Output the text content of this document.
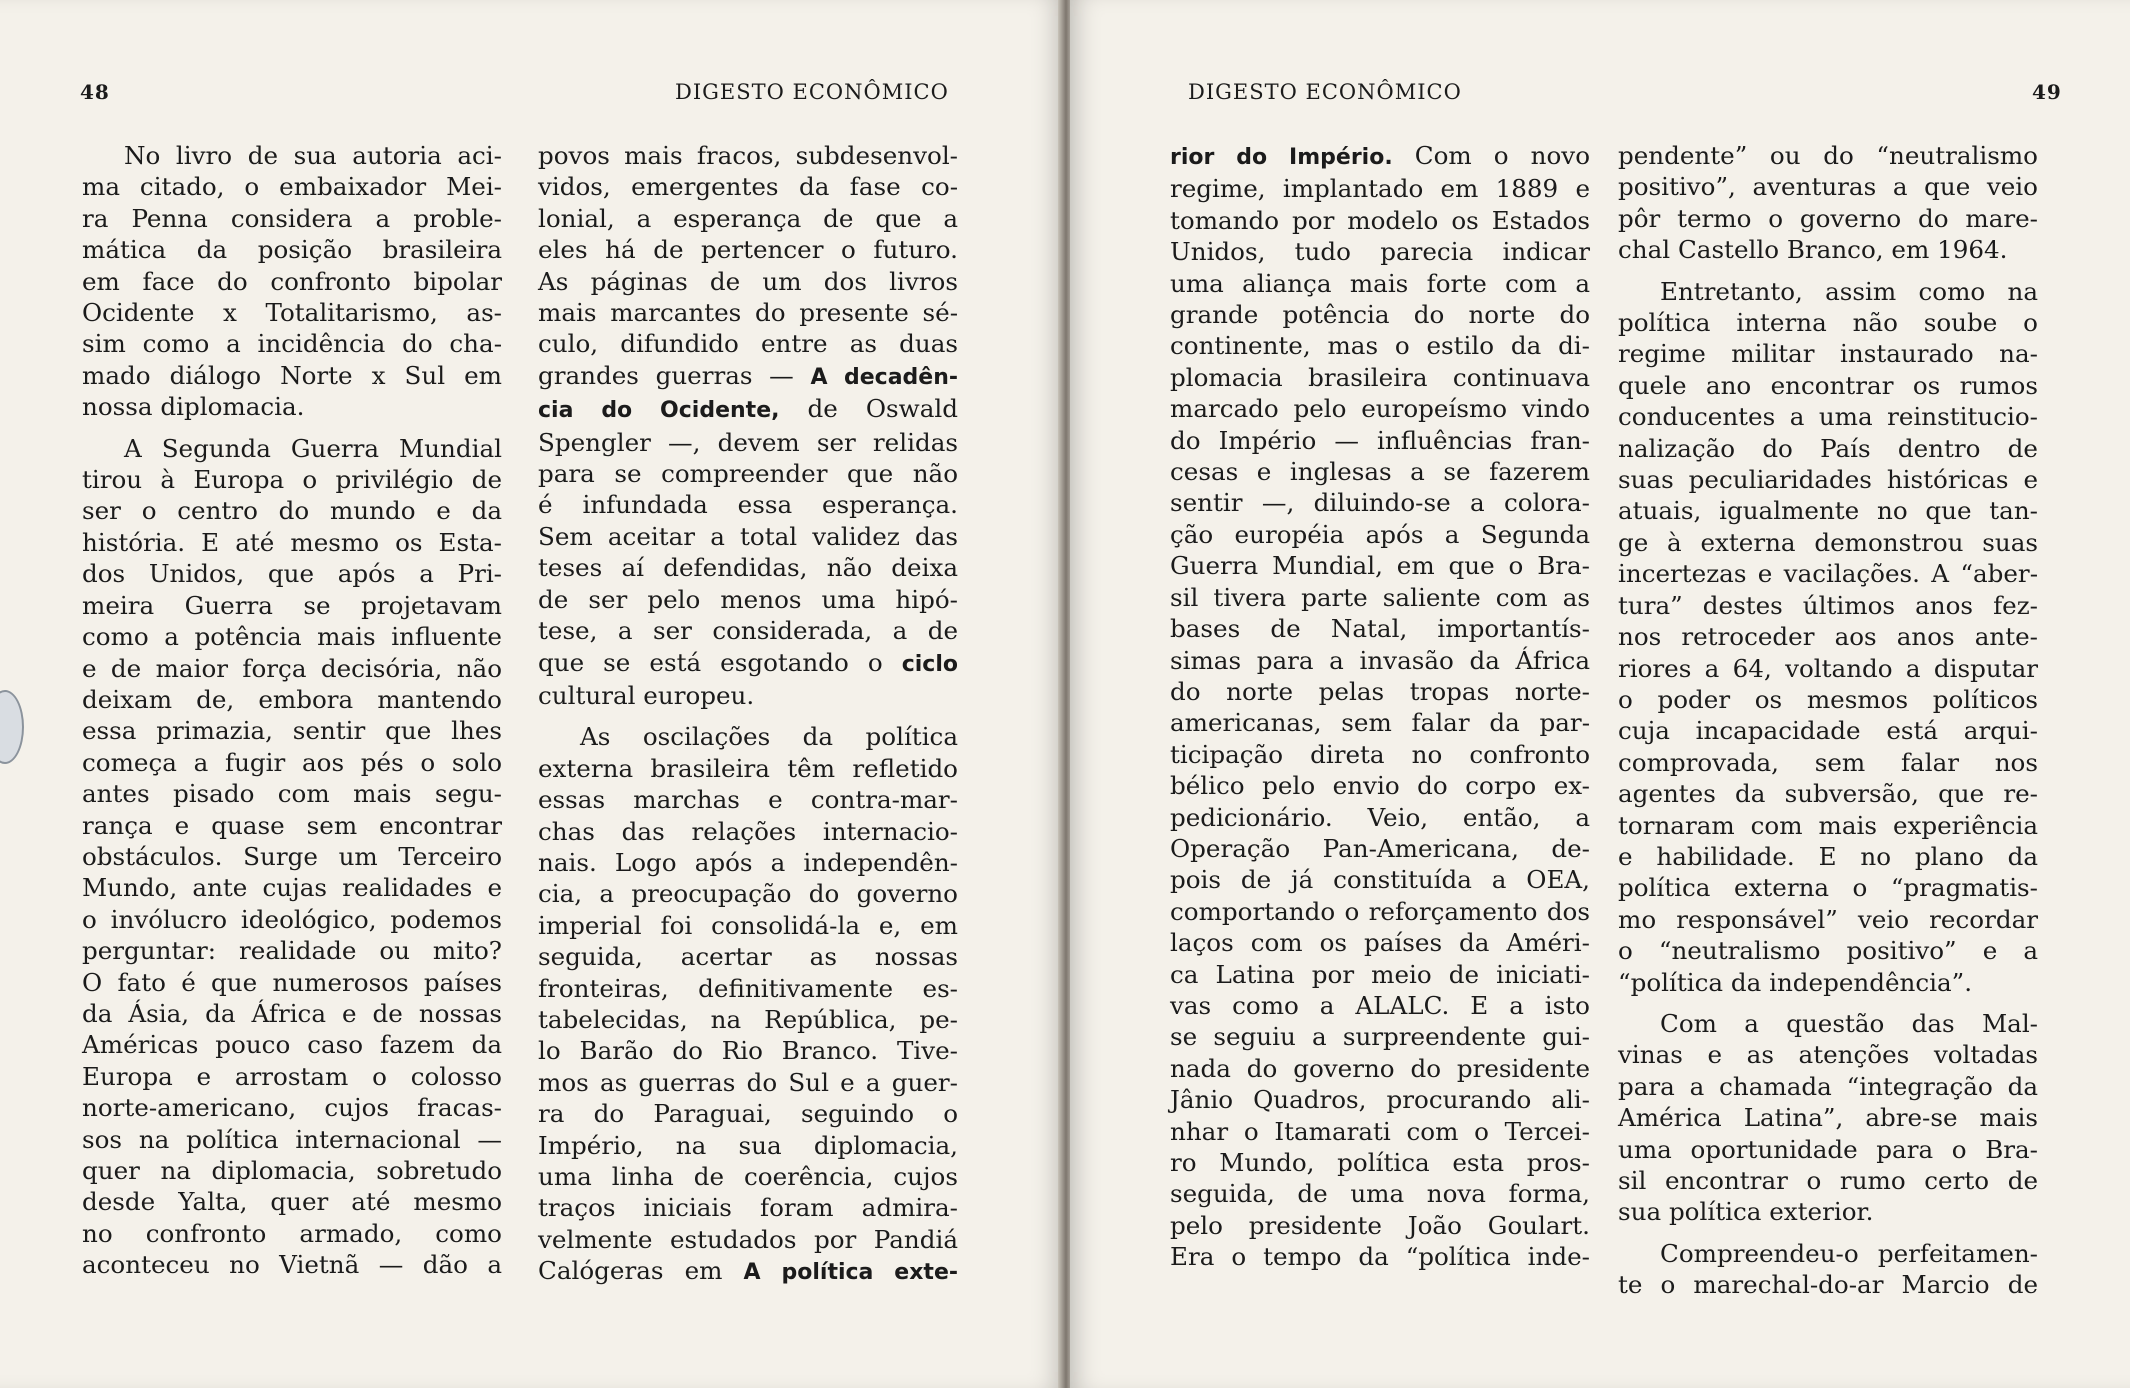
48	DIGESTO ECONÔMICO
No livro de sua autoria aci-
ma citado, o embaixador Mei-
ra Penna considera a proble-
mática da posição brasileira
em face do confronto bipolar
Ocidente x Totalitarismo, as-
sim como a incidência do cha-
mado diálogo Norte x Sul em
nossa diplomacia.
A Segunda Guerra Mundial
tirou à Europa o privilégio de
ser o centro do mundo e da
história. E até mesmo os Esta-
dos Unidos, que após a Pri-
meira Guerra se projetavam
como a potência mais influente
e de maior força decisória, não
deixam de, embora mantendo
essa primazia, sentir que lhes
começa a fugir aos pés o solo
antes pisado com mais segu-
rança e quase sem encontrar
obstáculos. Surge um Terceiro
Mundo, ante cujas realidades e
o invólucro ideológico, podemos
perguntar: realidade ou mito?
O fato é que numerosos países
da Ásia, da África e de nossas
Américas pouco caso fazem da
Europa e arrostam o colosso
norte-americano, cujos fracas-
sos na política internacional —
quer na diplomacia, sobretudo
desde Yalta, quer até mesmo
no confronto armado, como
aconteceu no Vietnã — dão a
povos mais fracos, subdesenvol-
vidos, emergentes da fase co-
lonial, a esperança de que a
eles há de pertencer o futuro.
As páginas de um dos livros
mais marcantes do presente sé-
culo, difundido entre as duas
grandes guerras — A decadên-
cia do Ocidente, de Oswald
Spengler —, devem ser relidas
para se compreender que não
é infundada essa esperança.
Sem aceitar a total validez das
teses aí defendidas, não deixa
de ser pelo menos uma hipó-
tese, a ser considerada, a de
que se está esgotando o ciclo
cultural europeu.
As oscilações da política
externa brasileira têm refletido
essas marchas e contra-mar-
chas das relações internacio-
nais. Logo após a independên-
cia, a preocupação do governo
imperial foi consolidá-la e, em
seguida, acertar as nossas
fronteiras, definitivamente es-
tabelecidas, na República, pe-
lo Barão do Rio Branco. Tive-
mos as guerras do Sul e a guer-
ra do Paraguai, seguindo o
Império, na sua diplomacia,
uma linha de coerência, cujos
traços iniciais foram admira-
velmente estudados por Pandiá
Calógeras em A política exte-
DIGESTO ECONÔMICO	49
rior do Império. Com o novo
regime, implantado em 1889 e
tomando por modelo os Estados
Unidos, tudo parecia indicar
uma aliança mais forte com a
grande potência do norte do
continente, mas o estilo da di-
plomacia brasileira continuava
marcado pelo europeísmo vindo
do Império — influências fran-
cesas e inglesas a se fazerem
sentir —, diluindo-se a colora-
ção européia após a Segunda
Guerra Mundial, em que o Bra-
sil tivera parte saliente com as
bases de Natal, importantís-
simas para a invasão da África
do norte pelas tropas norte-
americanas, sem falar da par-
ticipação direta no confronto
bélico pelo envio do corpo ex-
pedicionário. Veio, então, a
Operação Pan-Americana, de-
pois de já constituída a OEA,
comportando o reforçamento dos
laços com os países da Améri-
ca Latina por meio de iniciati-
vas como a ALALC. E a isto
se seguiu a surpreendente gui-
nada do governo do presidente
Jânio Quadros, procurando ali-
nhar o Itamarati com o Tercei-
ro Mundo, política esta pros-
seguida, de uma nova forma,
pelo presidente João Goulart.
Era o tempo da “política inde-
pendente” ou do “neutralismo
positivo”, aventuras a que veio
pôr termo o governo do mare-
chal Castello Branco, em 1964.
Entretanto, assim como na
política interna não soube o
regime militar instaurado na-
quele ano encontrar os rumos
conducentes a uma reinstitucio-
nalização do País dentro de
suas peculiaridades históricas e
atuais, igualmente no que tan-
ge à externa demonstrou suas
incertezas e vacilações. A “aber-
tura” destes últimos anos fez-
nos retroceder aos anos ante-
riores a 64, voltando a disputar
o poder os mesmos políticos
cuja incapacidade está arqui-
comprovada, sem falar nos
agentes da subversão, que re-
tornaram com mais experiência
e habilidade. E no plano da
política externa o “pragmatis-
mo responsável” veio recordar
o “neutralismo positivo” e a
“política da independência”.
Com a questão das Mal-
vinas e as atenções voltadas
para a chamada “integração da
América Latina”, abre-se mais
uma oportunidade para o Bra-
sil encontrar o rumo certo de
sua política exterior.
Compreendeu-o perfeitamen-
te o marechal-do-ar Marcio de
